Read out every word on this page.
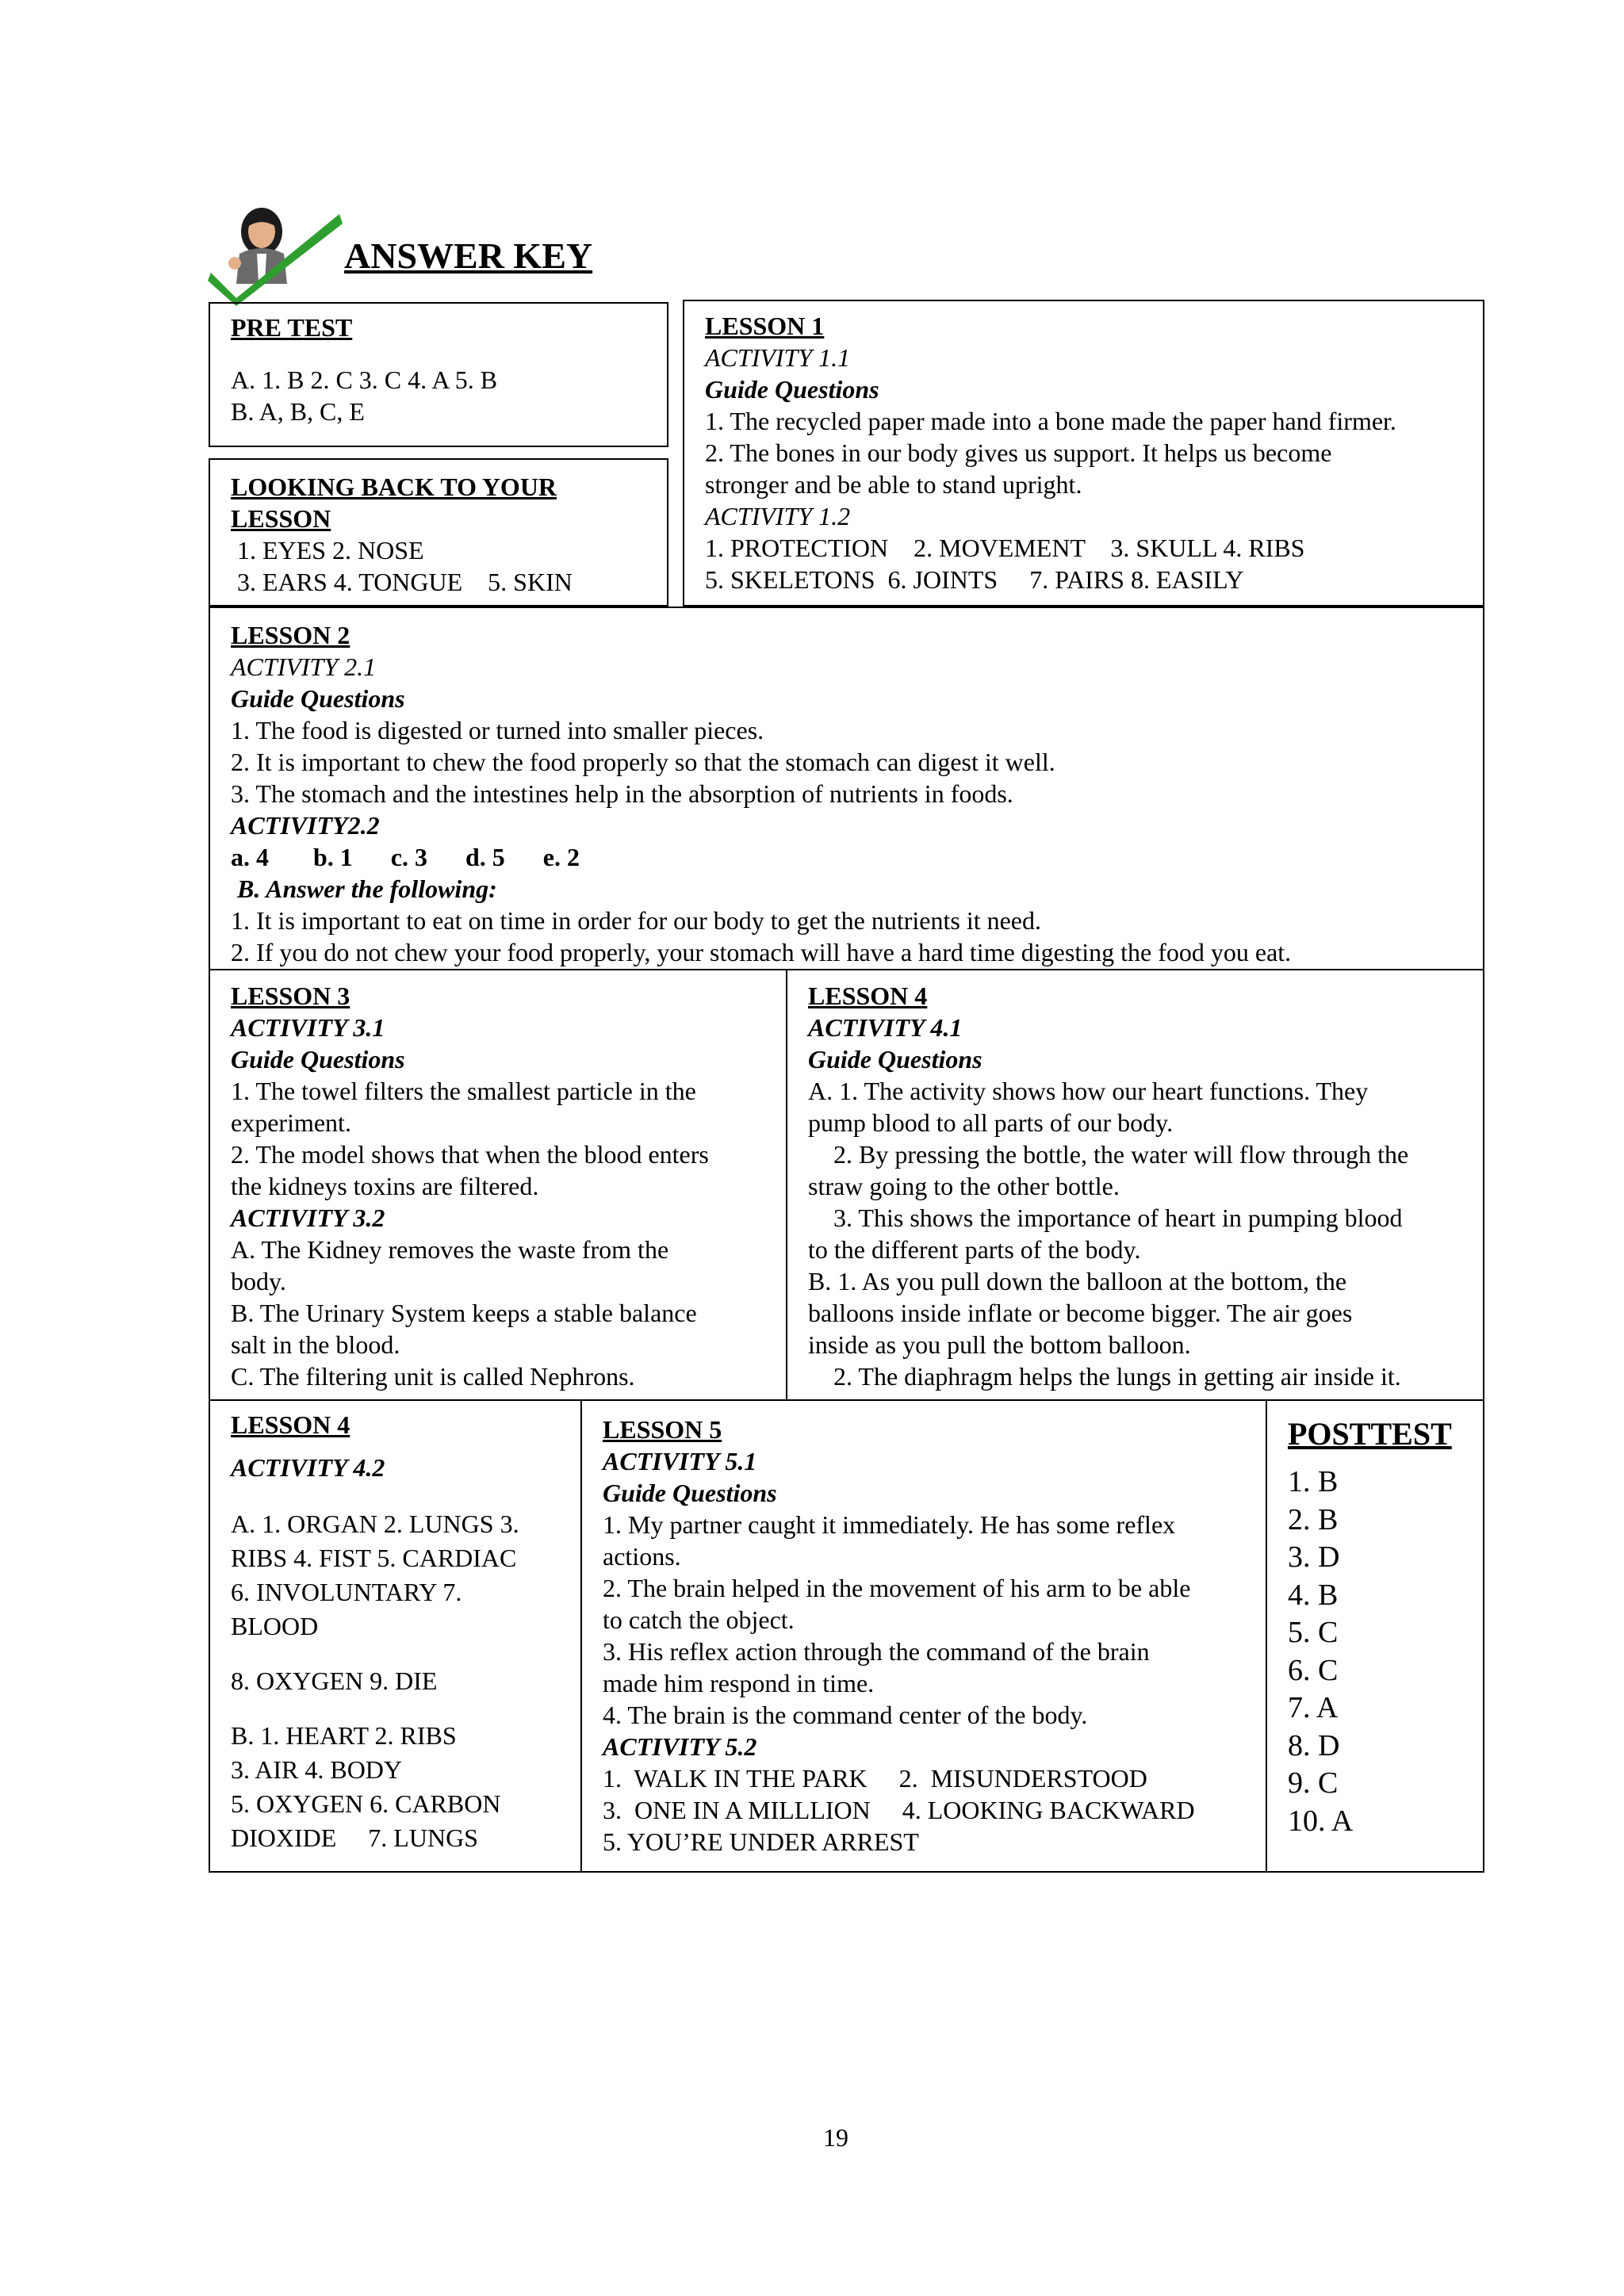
ANSWER KEY
PRE TEST
A. 1. B 2. C 3. C 4. A 5. B
B. A, B, C, E
LOOKING BACK TO YOUR
LESSON
1. EYES 2. NOSE
3. EARS 4. TONGUE    5. SKIN
LESSON 1
ACTIVITY 1.1
Guide Questions
1. The recycled paper made into a bone made the paper hand firmer.
2. The bones in our body gives us support. It helps us become
stronger and be able to stand upright.
ACTIVITY 1.2
1. PROTECTION    2. MOVEMENT    3. SKULL 4. RIBS
5. SKELETONS  6. JOINTS     7. PAIRS 8. EASILY
LESSON 2
ACTIVITY 2.1
Guide Questions
1. The food is digested or turned into smaller pieces.
2. It is important to chew the food properly so that the stomach can digest it well.
3. The stomach and the intestines help in the absorption of nutrients in foods.
ACTIVITY2.2
a. 4       b. 1      c. 3      d. 5      e. 2
B. Answer the following:
1. It is important to eat on time in order for our body to get the nutrients it need.
2. If you do not chew your food properly, your stomach will have a hard time digesting the food you eat.
LESSON 3
ACTIVITY 3.1
Guide Questions
1. The towel filters the smallest particle in the
experiment.
2. The model shows that when the blood enters
the kidneys toxins are filtered.
ACTIVITY 3.2
A. The Kidney removes the waste from the
body.
B. The Urinary System keeps a stable balance
salt in the blood.
C. The filtering unit is called Nephrons.
LESSON 4
ACTIVITY 4.1
Guide Questions
A. 1. The activity shows how our heart functions. They
pump blood to all parts of our body.
2. By pressing the bottle, the water will flow through the
straw going to the other bottle.
3. This shows the importance of heart in pumping blood
to the different parts of the body.
B. 1. As you pull down the balloon at the bottom, the
balloons inside inflate or become bigger. The air goes
inside as you pull the bottom balloon.
2. The diaphragm helps the lungs in getting air inside it.
LESSON 4
ACTIVITY 4.2
A. 1. ORGAN 2. LUNGS 3.
RIBS 4. FIST 5. CARDIAC
6. INVOLUNTARY 7.
BLOOD
8. OXYGEN 9. DIE
B. 1. HEART 2. RIBS
3. AIR 4. BODY
5. OXYGEN 6. CARBON
DIOXIDE     7. LUNGS
LESSON 5
ACTIVITY 5.1
Guide Questions
1. My partner caught it immediately. He has some reflex
actions.
2. The brain helped in the movement of his arm to be able
to catch the object.
3. His reflex action through the command of the brain
made him respond in time.
4. The brain is the command center of the body.
ACTIVITY 5.2
1.  WALK IN THE PARK     2.  MISUNDERSTOOD
3.  ONE IN A MILLLION     4. LOOKING BACKWARD
5. YOU’RE UNDER ARREST
POSTTEST
1. B
2. B
3. D
4. B
5. C
6. C
7. A
8. D
9. C
10. A
19
